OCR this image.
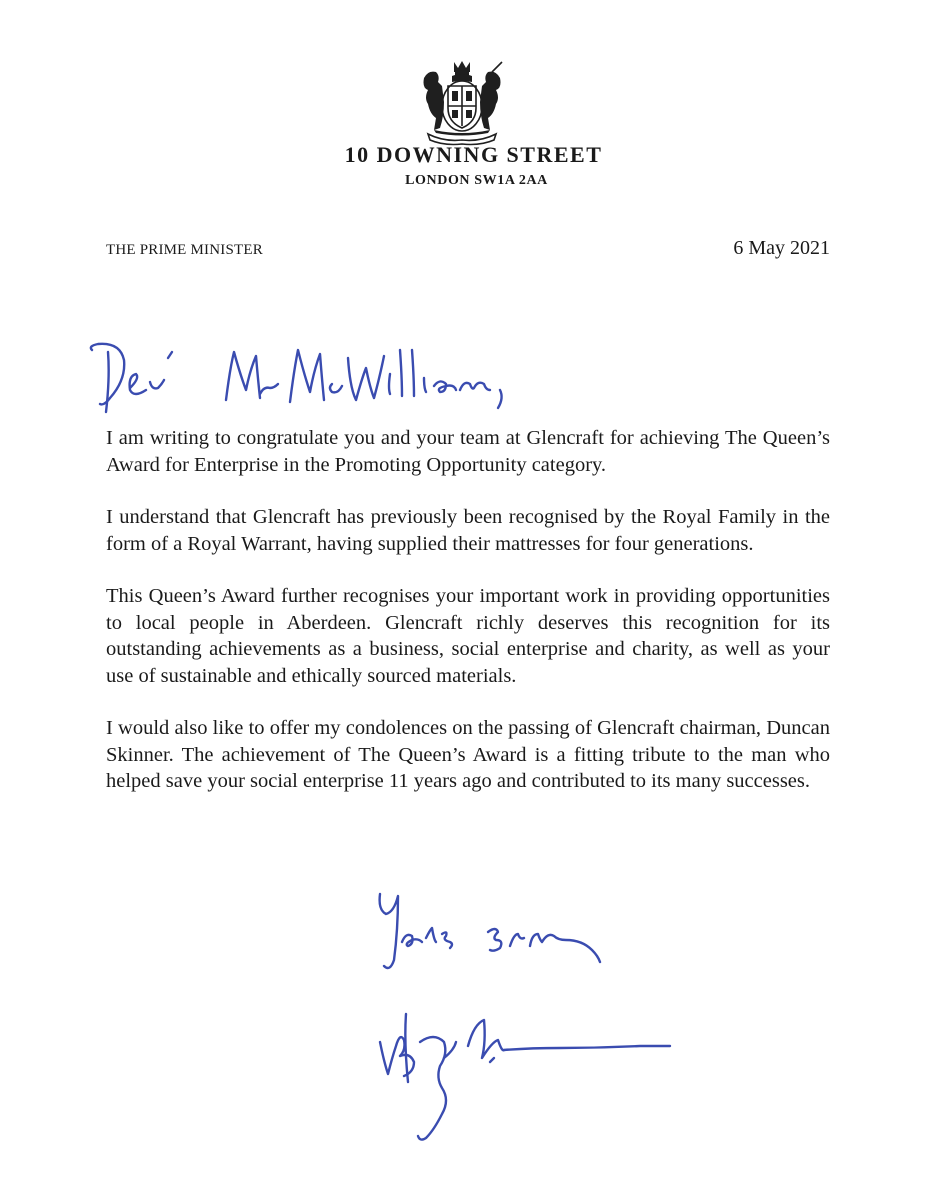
10 DOWNING STREET
LONDON SW1A 2AA
THE PRIME MINISTER	6 May 2021

I am writing to congratulate you and your team at Glencraft for achieving The Queen’s Award for Enterprise in the Promoting Opportunity category.

I understand that Glencraft has previously been recognised by the Royal Family in the form of a Royal Warrant, having supplied their mattresses for four generations.

This Queen’s Award further recognises your important work in providing opportunities to local people in Aberdeen. Glencraft richly deserves this recognition for its outstanding achievements as a business, social enterprise and charity, as well as your use of sustainable and ethically sourced materials.

I would also like to offer my condolences on the passing of Glencraft chairman, Duncan Skinner. The achievement of The Queen’s Award is a fitting tribute to the man who helped save your social enterprise 11 years ago and contributed to its many successes.
